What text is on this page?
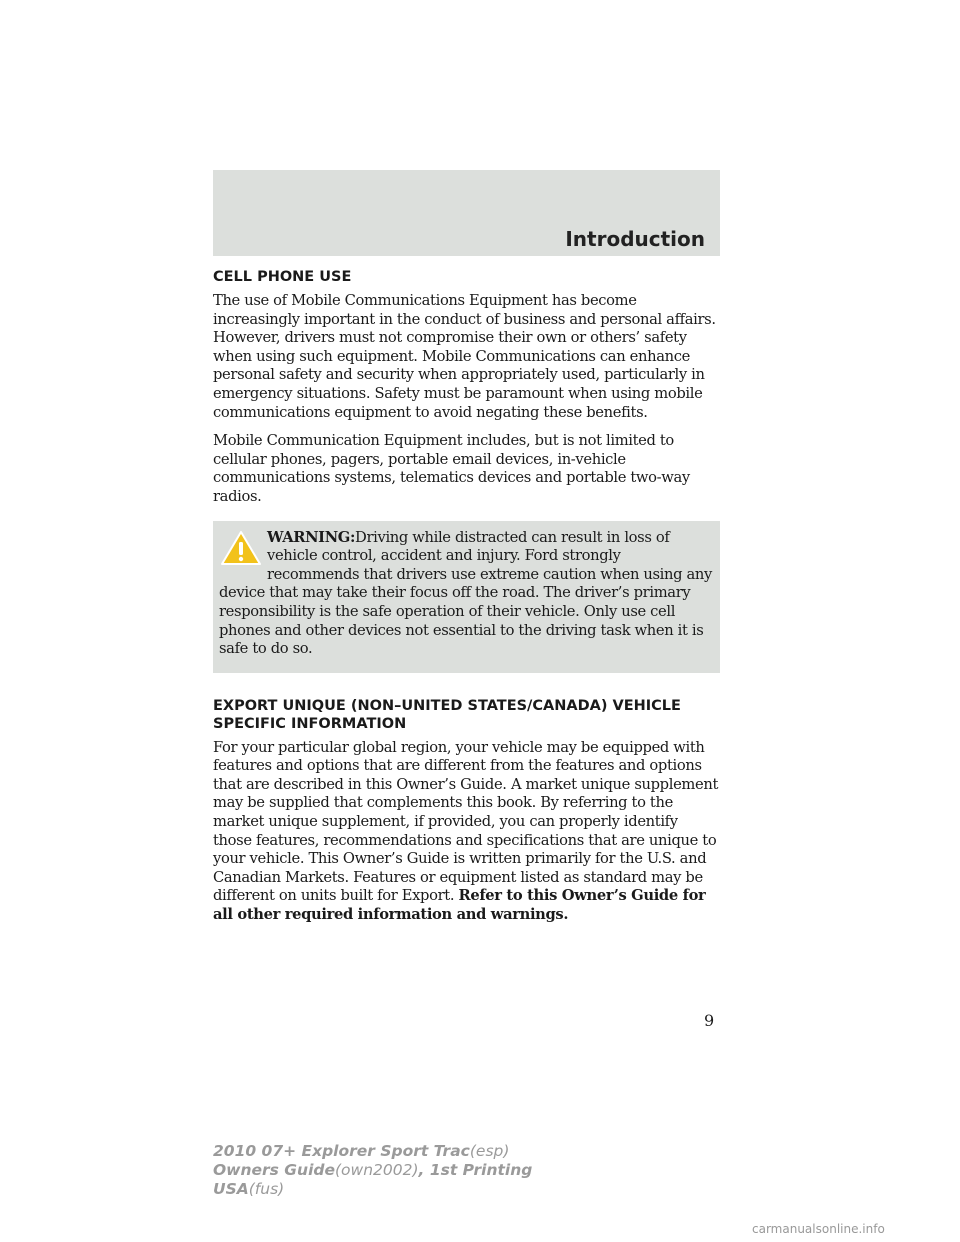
Introduction
CELL PHONE USE

The use of Mobile Communications Equipment has become increasingly important in the conduct of business and personal affairs. However, drivers must not compromise their own or others’ safety when using such equipment. Mobile Communications can enhance personal safety and security when appropriately used, particularly in emergency situations. Safety must be paramount when using mobile communications equipment to avoid negating these benefits.

Mobile Communication Equipment includes, but is not limited to cellular phones, pagers, portable email devices, in-vehicle communications systems, telematics devices and portable two-way radios.

WARNING:Driving while distracted can result in loss of vehicle control, accident and injury. Ford strongly recommends that drivers use extreme caution when using any device that may take their focus off the road. The driver’s primary responsibility is the safe operation of their vehicle. Only use cell phones and other devices not essential to the driving task when it is safe to do so.

EXPORT UNIQUE (NON–UNITED STATES/CANADA) VEHICLE
SPECIFIC INFORMATION

For your particular global region, your vehicle may be equipped with features and options that are different from the features and options that are described in this Owner’s Guide. A market unique supplement may be supplied that complements this book. By referring to the market unique supplement, if provided, you can properly identify those features, recommendations and specifications that are unique to your vehicle. This Owner’s Guide is written primarily for the U.S. and Canadian Markets. Features or equipment listed as standard may be different on units built for Export. Refer to this Owner’s Guide for all other required information and warnings.

9
2010 07+ Explorer Sport Trac(esp)
Owners Guide(own2002), 1st Printing
USA(fus)
carmanualsonline.info
